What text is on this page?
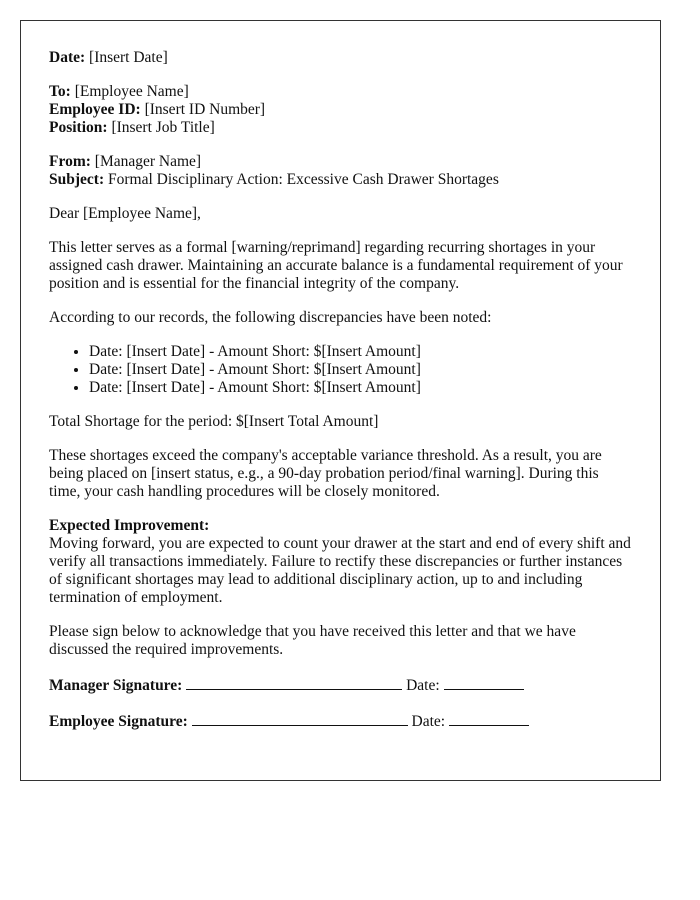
Date: [Insert Date]

To: [Employee Name]
Employee ID: [Insert ID Number]
Position: [Insert Job Title]

From: [Manager Name]
Subject: Formal Disciplinary Action: Excessive Cash Drawer Shortages

Dear [Employee Name],

This letter serves as a formal [warning/reprimand] regarding recurring shortages in your assigned cash drawer. Maintaining an accurate balance is a fundamental requirement of your position and is essential for the financial integrity of the company.

According to our records, the following discrepancies have been noted:

• Date: [Insert Date] - Amount Short: $[Insert Amount]
• Date: [Insert Date] - Amount Short: $[Insert Amount]
• Date: [Insert Date] - Amount Short: $[Insert Amount]

Total Shortage for the period: $[Insert Total Amount]

These shortages exceed the company's acceptable variance threshold. As a result, you are being placed on [insert status, e.g., a 90-day probation period/final warning]. During this time, your cash handling procedures will be closely monitored.

Expected Improvement:
Moving forward, you are expected to count your drawer at the start and end of every shift and verify all transactions immediately. Failure to rectify these discrepancies or further instances of significant shortages may lead to additional disciplinary action, up to and including termination of employment.

Please sign below to acknowledge that you have received this letter and that we have discussed the required improvements.

Manager Signature:	Date:
Employee Signature:	Date:
